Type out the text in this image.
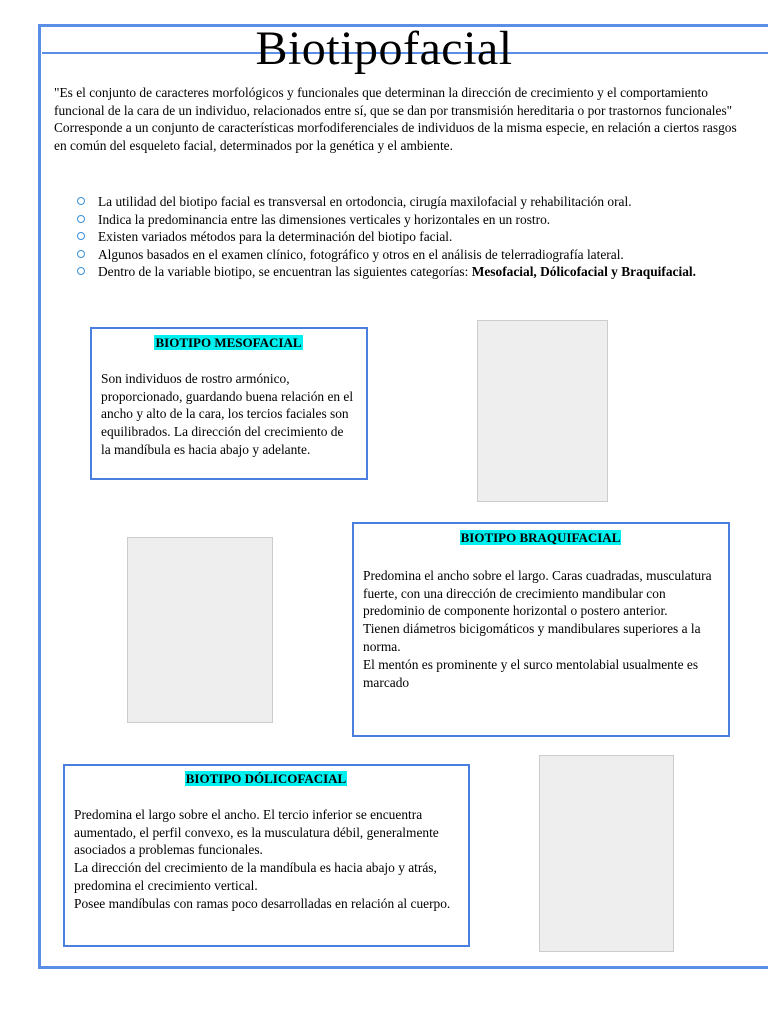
Biotipofacial

"Es el conjunto de caracteres morfológicos y funcionales que determinan la dirección de crecimiento y el comportamiento funcional de la cara de un individuo, relacionados entre sí, que se dan por transmisión hereditaria o por trastornos funcionales"

Corresponde a un conjunto de características morfodiferenciales de individuos de la misma especie, en relación a ciertos rasgos en común del esqueleto facial, determinados por la genética y el ambiente.

La utilidad del biotipo facial es transversal en ortodoncia, cirugía maxilofacial y rehabilitación oral.
Indica la predominancia entre las dimensiones verticales y horizontales en un rostro.
Existen variados métodos para la determinación del biotipo facial.
Algunos basados en el examen clínico, fotográfico y otros en el análisis de telerradiografía lateral.
Dentro de la variable biotipo, se encuentran las siguientes categorías: Mesofacial, Dólicofacial y Braquifacial.
BIOTIPO MESOFACIAL
Son individuos de rostro armónico, proporcionado, guardando buena relación en el ancho y alto de la cara, los tercios faciales son equilibrados. La dirección del crecimiento de la mandíbula es hacia abajo y adelante.
BIOTIPO BRAQUIFACIAL
Predomina el ancho sobre el largo. Caras cuadradas, musculatura fuerte, con una dirección de crecimiento mandibular con predominio de componente horizontal o postero anterior.
Tienen diámetros bicigomáticos y mandibulares superiores a la norma.
El mentón es prominente y el surco mentolabial usualmente es marcado
BIOTIPO DÓLICOFACIAL
Predomina el largo sobre el ancho. El tercio inferior se encuentra aumentado, el perfil convexo, es la musculatura débil, generalmente asociados a problemas funcionales.
La dirección del crecimiento de la mandíbula es hacia abajo y atrás, predomina el crecimiento vertical.
Posee mandíbulas con ramas poco desarrolladas en relación al cuerpo.
